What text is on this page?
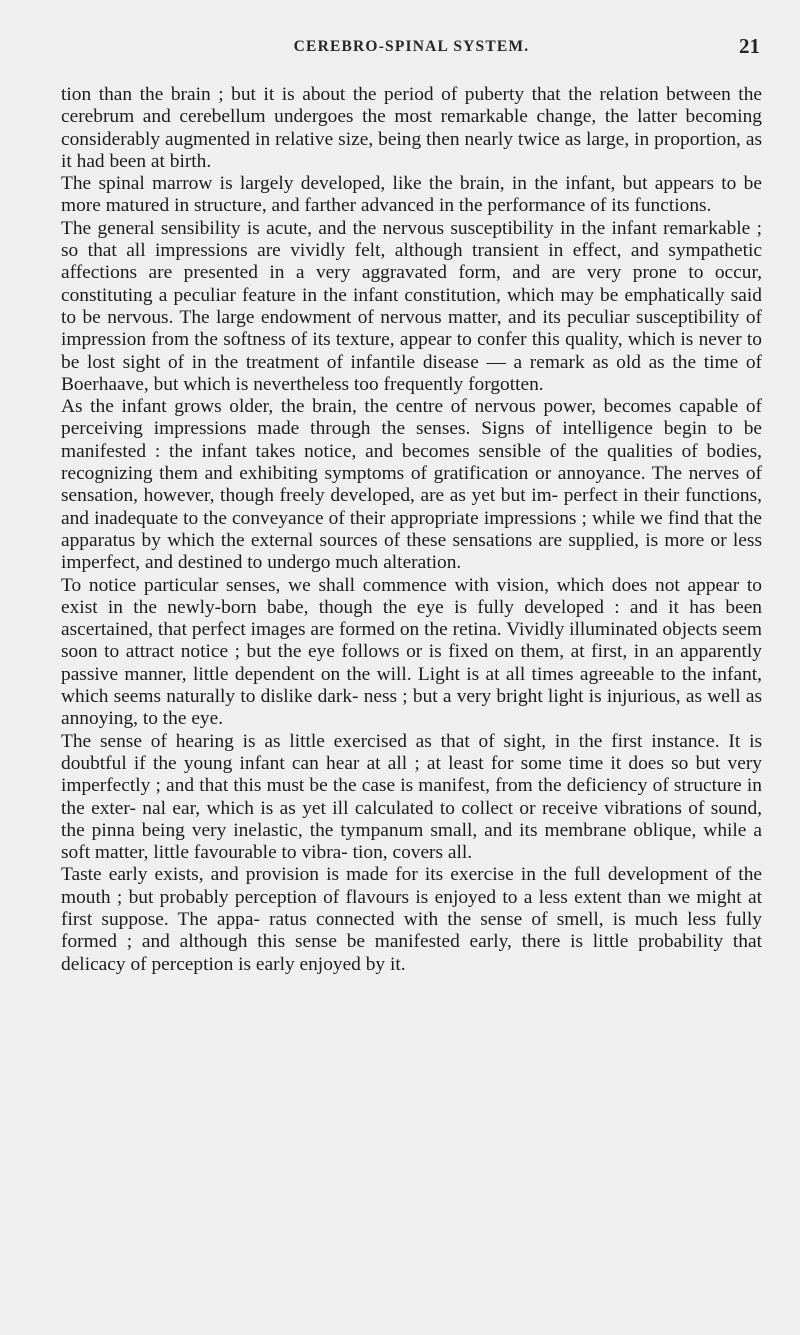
CEREBRO-SPINAL SYSTEM.	21

tion than the brain ; but it is about the period of puberty that the relation between the cerebrum and cerebellum undergoes the most remarkable change, the latter becoming considerably augmented in relative size, being then nearly twice as large, in proportion, as it had been at birth.

The spinal marrow is largely developed, like the brain, in the infant, but appears to be more matured in structure, and farther advanced in the performance of its functions.

The general sensibility is acute, and the nervous susceptibility in the infant remarkable ; so that all impressions are vividly felt, although transient in effect, and sympathetic affections are presented in a very aggravated form, and are very prone to occur, constituting a peculiar feature in the infant constitution, which may be emphatically said to be nervous. The large endowment of nervous matter, and its peculiar susceptibility of impression from the softness of its texture, appear to confer this quality, which is never to be lost sight of in the treatment of infantile disease — a remark as old as the time of Boerhaave, but which is nevertheless too frequently forgotten.

As the infant grows older, the brain, the centre of nervous power, becomes capable of perceiving impressions made through the senses. Signs of intelligence begin to be manifested : the infant takes notice, and becomes sensible of the qualities of bodies, recognizing them and exhibiting symptoms of gratification or annoyance. The nerves of sensation, however, though freely developed, are as yet but im- perfect in their functions, and inadequate to the conveyance of their appropriate impressions ; while we find that the apparatus by which the external sources of these sensations are supplied, is more or less imperfect, and destined to undergo much alteration.

To notice particular senses, we shall commence with vision, which does not appear to exist in the newly-born babe, though the eye is fully developed : and it has been ascertained, that perfect images are formed on the retina. Vividly illuminated objects seem soon to attract notice ; but the eye follows or is fixed on them, at first, in an apparently passive manner, little dependent on the will. Light is at all times agreeable to the infant, which seems naturally to dislike dark- ness ; but a very bright light is injurious, as well as annoying, to the eye.

The sense of hearing is as little exercised as that of sight, in the first instance. It is doubtful if the young infant can hear at all ; at least for some time it does so but very imperfectly ; and that this must be the case is manifest, from the deficiency of structure in the exter- nal ear, which is as yet ill calculated to collect or receive vibrations of sound, the pinna being very inelastic, the tympanum small, and its membrane oblique, while a soft matter, little favourable to vibra- tion, covers all.

Taste early exists, and provision is made for its exercise in the full development of the mouth ; but probably perception of flavours is enjoyed to a less extent than we might at first suppose. The appa- ratus connected with the sense of smell, is much less fully formed ; and although this sense be manifested early, there is little probability that delicacy of perception is early enjoyed by it.
